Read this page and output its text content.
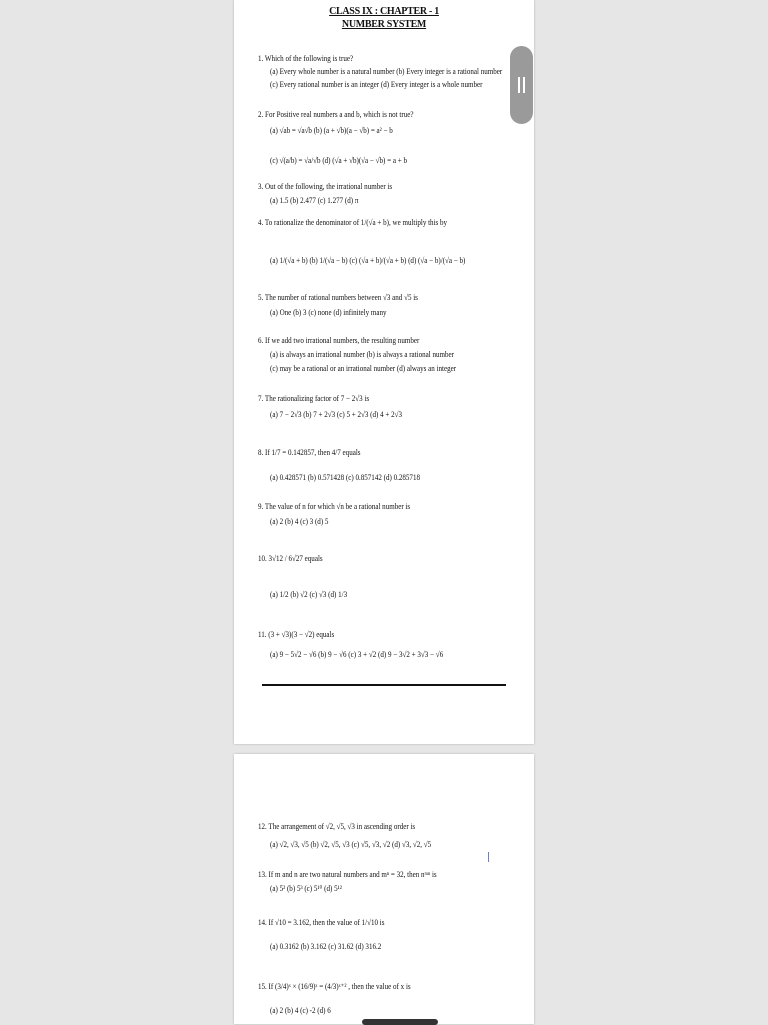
CLASS IX : CHAPTER - 1
NUMBER SYSTEM
1. Which of the following is true?
(a) Every whole number is a natural number (b) Every integer is a rational number
(c) Every rational number is an integer (d) Every integer is a whole number
2. For Positive real numbers a and b, which is not true?
(a) √ab = √a√b (b) (a + √b)(a − √b) = a² − b
(c) √(a/b) = √a/√b (d) (√a + √b)(√a − √b) = a + b
3. Out of the following, the irrational number is
(a) 1.5 (b) 2.477 (c) 1.277 (d) π
4. To rationalize the denominator of 1/(√a + b), we multiply this by
(a) 1/(√a + b) (b) 1/(√a − b) (c) (√a + b)/(√a + b) (d) (√a − b)/(√a − b)
5. The number of rational numbers between √3 and √5 is
(a) One (b) 3 (c) none (d) infinitely many
6. If we add two irrational numbers, the resulting number
(a) is always an irrational number (b) is always a rational number
(c) may be a rational or an irrational number (d) always an integer
7. The rationalizing factor of 7 − 2√3 is
(a) 7 − 2√3 (b) 7 + 2√3 (c) 5 + 2√3 (d) 4 + 2√3
8. If 1/7 = 0.142857, then 4/7 equals
(a) 0.428571 (b) 0.571428 (c) 0.857142 (d) 0.285718
9. The value of n for which √n be a rational number is
(a) 2 (b) 4 (c) 3 (d) 5
10. 3√12 / 6√27 equals
(a) 1/2 (b) √2 (c) √3 (d) 1/3
11. (3 + √3)(3 − √2) equals
(a) 9 − 5√2 − √6 (b) 9 − √6 (c) 3 + √2 (d) 9 − 3√2 + 3√3 − √6
12. The arrangement of √2, √5, √3 in ascending order is
(a) √2, √3, √5 (b) √2, √5, √3 (c) √5, √3, √2 (d) √3, √2, √5
13. If m and n are two natural numbers and mⁿ = 32, then nᵐⁿ is
(a) 5² (b) 5³ (c) 5¹⁰ (d) 5¹²
14. If √10 = 3.162, then the value of 1/√10 is
(a) 0.3162 (b) 3.162 (c) 31.62 (d) 316.2
15. If (3/4)ˣ × (16/9)ˣ = (4/3)ˣ⁺² , then the value of x is
(a) 2 (b) 4 (c) -2 (d) 6
